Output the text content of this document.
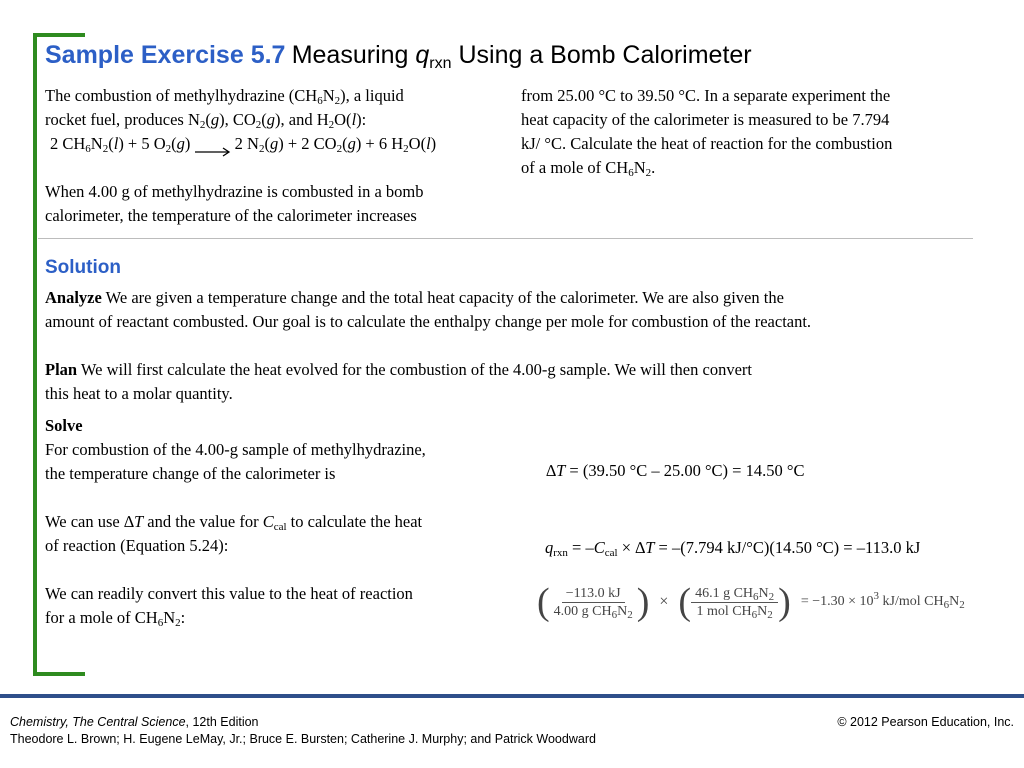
Sample Exercise 5.7 Measuring $q_{rxn}$ Using a Bomb Calorimeter
The combustion of methylhydrazine $(CH_6N_2)$, a liquid
rocket fuel, produces $N_2(g)$, $CO_2(g)$, and $H_2O(l)$:
2 $CH_6N_2(l) + 5$ $O_2(g) \to 2$ $N_2(g) + 2$ $CO_2(g) + 6$ $H_2O(l)$
When 4.00 g of methylhydrazine is combusted in a bomb
calorimeter, the temperature of the calorimeter increases
from 25.00 °C to 39.50 °C. In a separate experiment the
heat capacity of the calorimeter is measured to be 7.794
kJ/ °C. Calculate the heat of reaction for the combustion
of a mole of $CH_6N_2$.
Solution
Analyze We are given a temperature change and the total heat capacity of the calorimeter. We are also given the
amount of reactant combusted. Our goal is to calculate the enthalpy change per mole for combustion of the reactant.
Plan We will first calculate the heat evolved for the combustion of the 4.00-g sample. We will then convert
this heat to a molar quantity.
Solve
For combustion of the 4.00-g sample of methylhydrazine,
the temperature change of the calorimeter is
We can use ∆T and the value for $C_{cal}$ to calculate the heat
of reaction (Equation 5.24):
We can readily convert this value to the heat of reaction
for a mole of $CH_6N_2$:
∆T = (39.50 °C – 25.00 °C) = 14.50 °C
$q_{rxn} = -C_{cal} \times \Delta T = -(7.794$ kJ/°C)(14.50 °C) = –113.0 kJ
( $\frac{-113.0 kJ}{4.00 g CH_6N_2}$ ) × ( $\frac{46.1 g CH_6N_2}{1 mol CH_6N_2}$ ) = $-1.30 \times 10^3$ kJ/mol $CH_6N_2$
Chemistry, The Central Science, 12th Edition
Theodore L. Brown; H. Eugene LeMay, Jr.; Bruce E. Bursten; Catherine J. Murphy; and Patrick Woodward
© 2012 Pearson Education, Inc.
